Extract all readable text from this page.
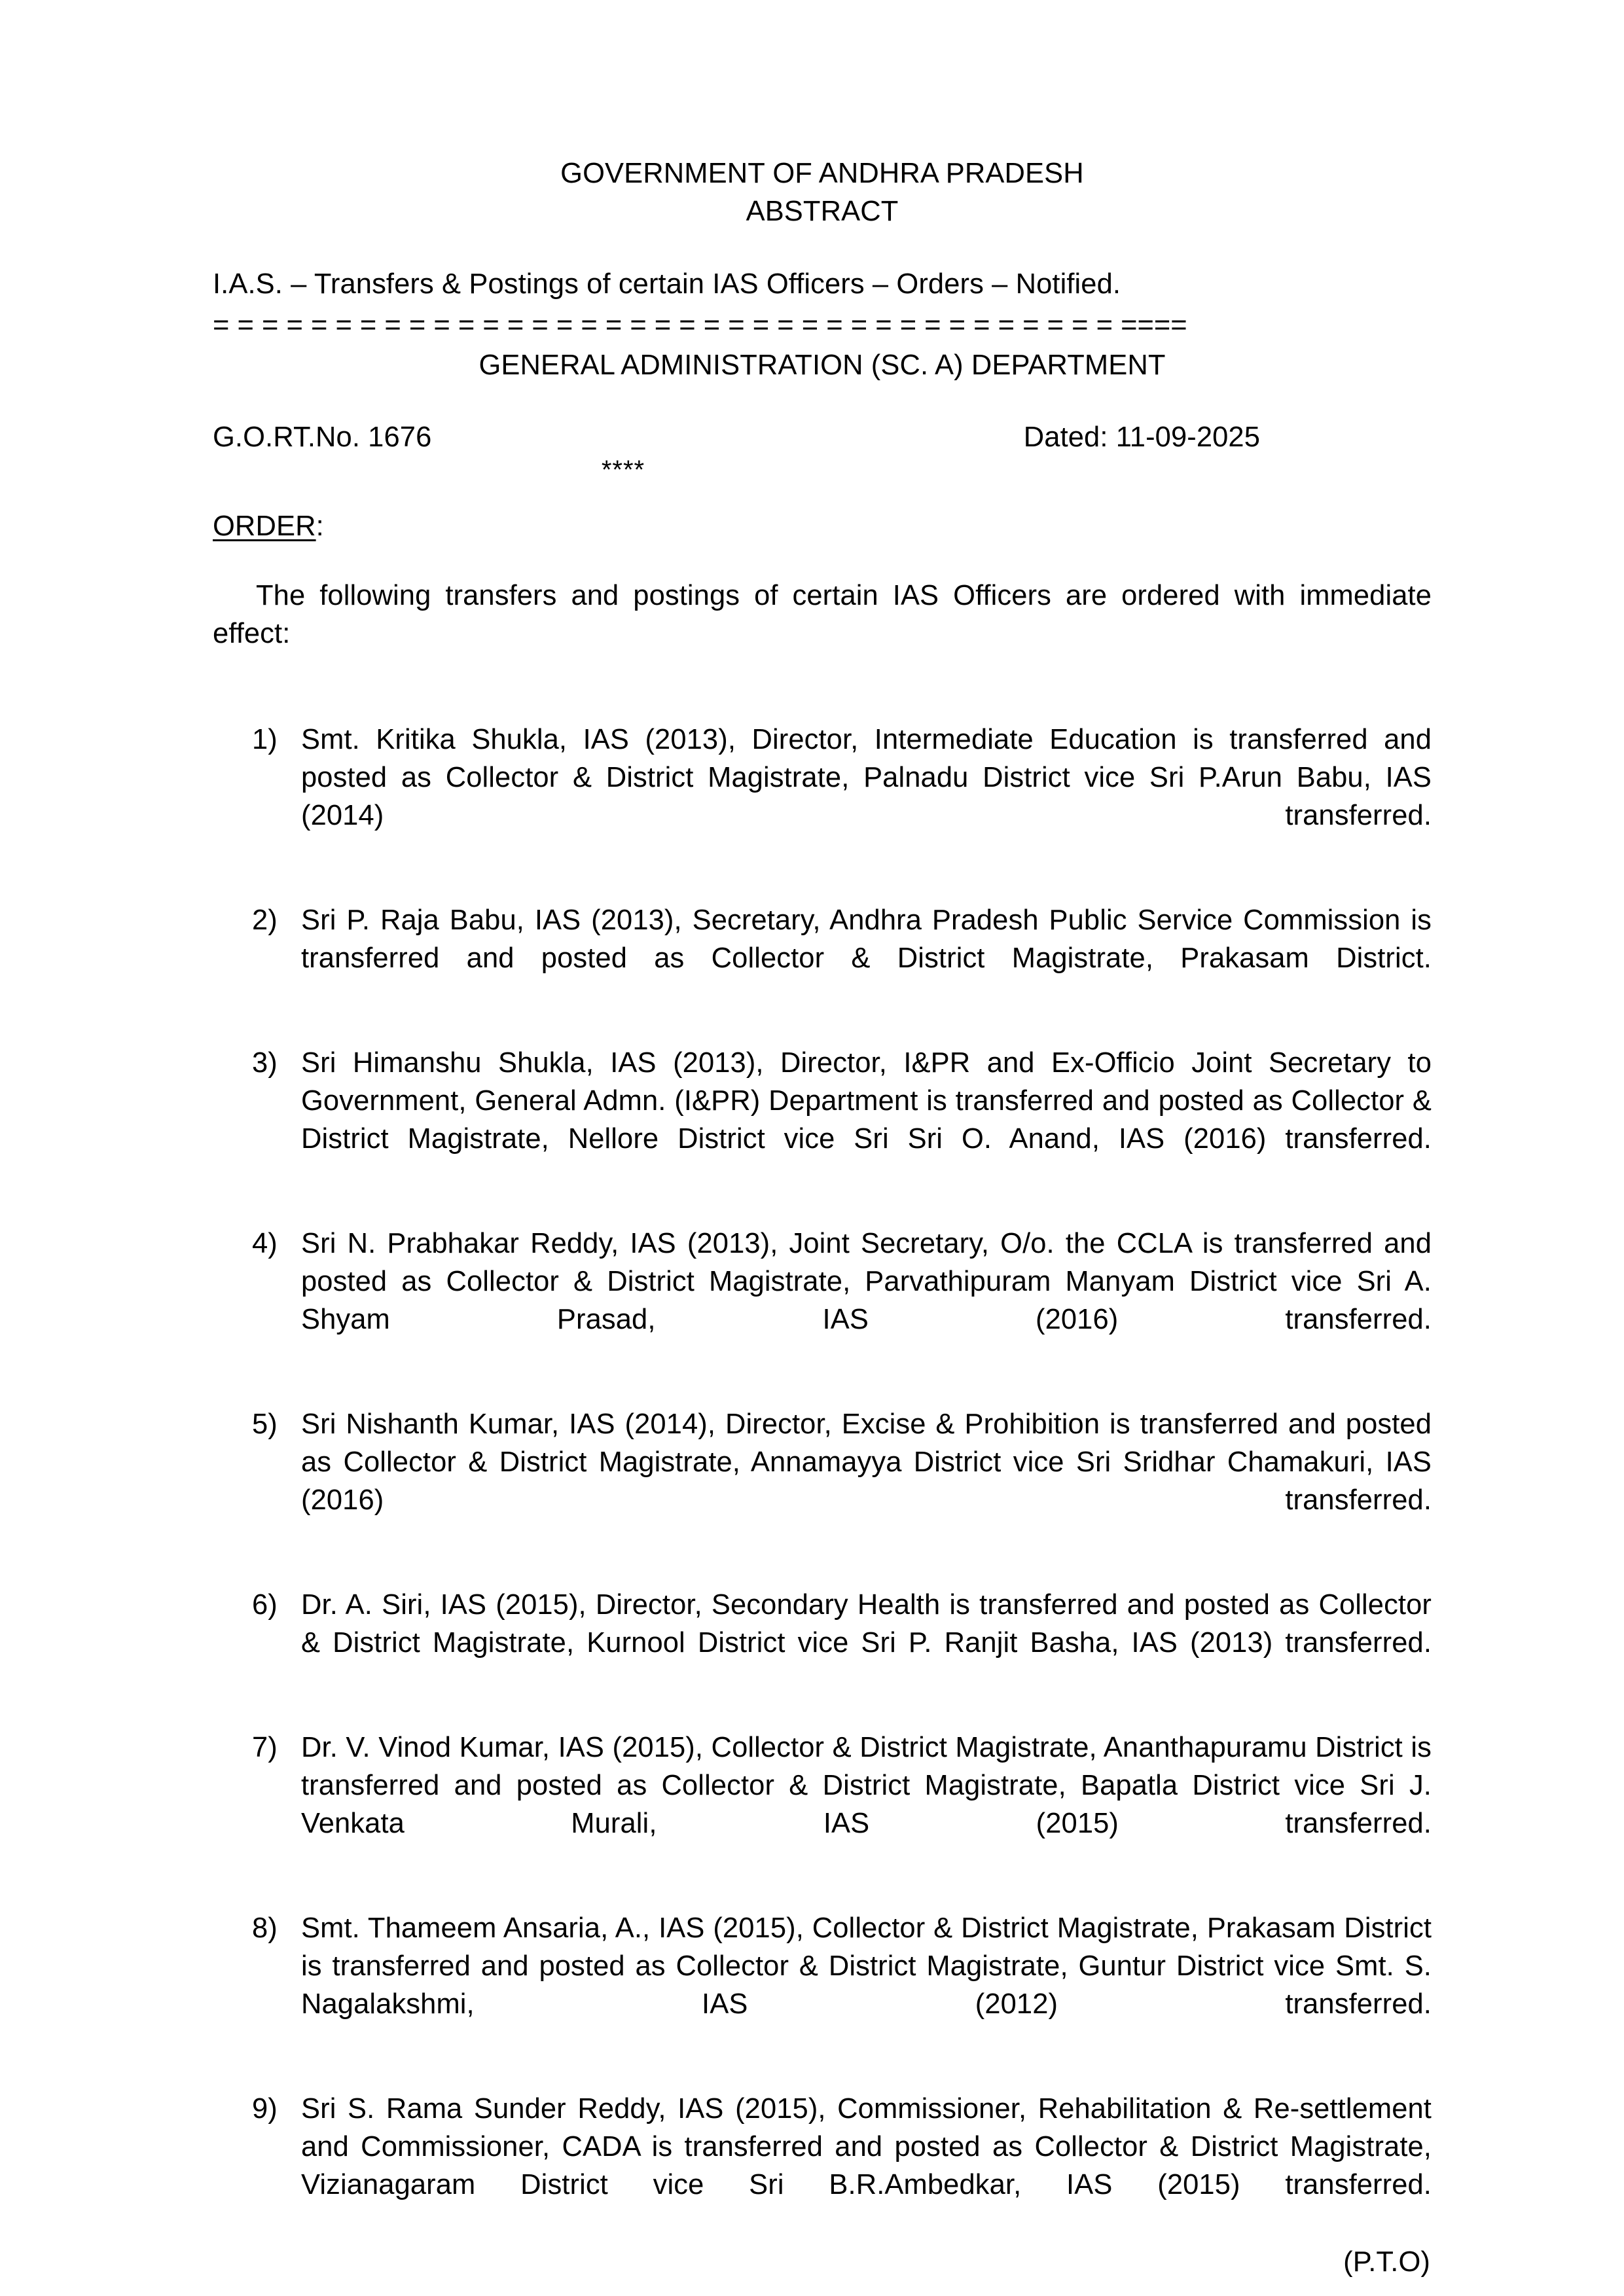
GOVERNMENT OF ANDHRA PRADESH
ABSTRACT
I.A.S. – Transfers & Postings of certain IAS Officers – Orders – Notified.
= = = = = = = = = = = = = = = = = = = = = = = = = = = = = = = = = = = = = ====
GENERAL ADMINISTRATION (SC. A) DEPARTMENT
G.O.RT.No. 1676	Dated: 11-09-2025
****
ORDER:
The following transfers and postings of certain IAS Officers are ordered with immediate effect:
1) Smt. Kritika Shukla, IAS (2013), Director, Intermediate Education is transferred and posted as Collector & District Magistrate, Palnadu District vice Sri P.Arun Babu, IAS (2014) transferred.
2) Sri P. Raja Babu, IAS (2013), Secretary, Andhra Pradesh Public Service Commission is transferred and posted as Collector & District Magistrate, Prakasam District.
3) Sri Himanshu Shukla, IAS (2013), Director, I&PR and Ex-Officio Joint Secretary to Government, General Admn. (I&PR) Department is transferred and posted as Collector & District Magistrate, Nellore District vice Sri Sri O. Anand, IAS (2016) transferred.
4) Sri N. Prabhakar Reddy, IAS (2013), Joint Secretary, O/o. the CCLA is transferred and posted as Collector & District Magistrate, Parvathipuram Manyam District vice Sri A. Shyam Prasad, IAS (2016) transferred.
5) Sri Nishanth Kumar, IAS (2014), Director, Excise & Prohibition is transferred and posted as Collector & District Magistrate, Annamayya District vice Sri Sridhar Chamakuri, IAS (2016) transferred.
6) Dr. A. Siri, IAS (2015), Director, Secondary Health is transferred and posted as Collector & District Magistrate, Kurnool District vice Sri P. Ranjit Basha, IAS (2013) transferred.
7) Dr. V. Vinod Kumar, IAS (2015), Collector & District Magistrate, Ananthapuramu District is transferred and posted as Collector & District Magistrate, Bapatla District vice Sri J. Venkata Murali, IAS (2015) transferred.
8) Smt. Thameem Ansaria, A., IAS (2015), Collector & District Magistrate, Prakasam District is transferred and posted as Collector & District Magistrate, Guntur District vice Smt. S. Nagalakshmi, IAS (2012) transferred.
9) Sri S. Rama Sunder Reddy, IAS (2015), Commissioner, Rehabilitation & Re-settlement and Commissioner, CADA is transferred and posted as Collector & District Magistrate, Vizianagaram District vice Sri B.R.Ambedkar, IAS (2015) transferred.
(P.T.O)
